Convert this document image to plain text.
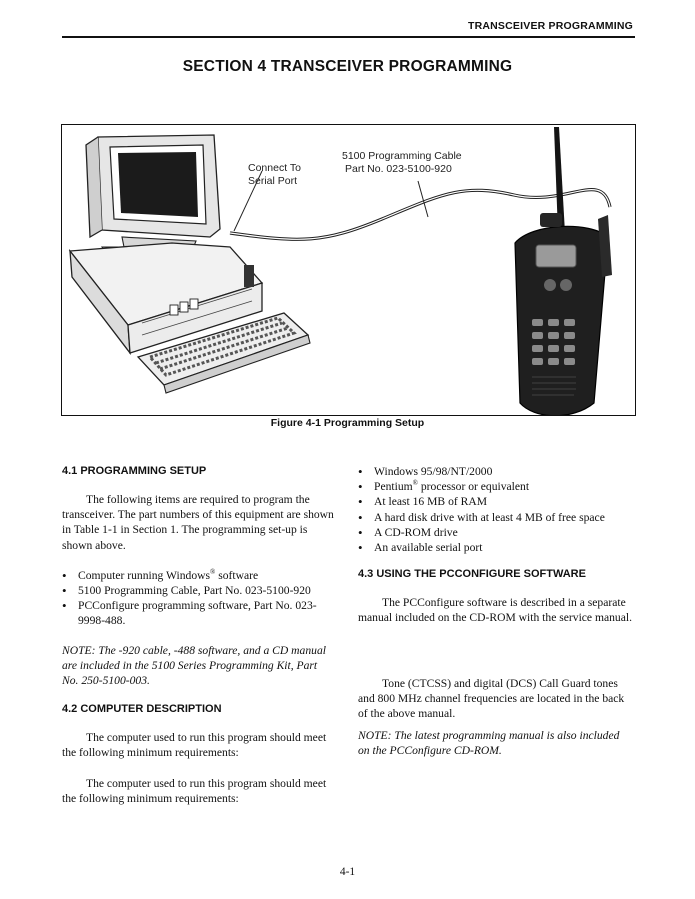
TRANSCEIVER PROGRAMMING
SECTION 4 TRANSCEIVER PROGRAMMING
Connect To
Serial Port
5100 Programming Cable
Part No. 023-5100-920
Figure 4-1 Programming Setup
4.1 PROGRAMMING SETUP

The following items are required to program the transceiver. The part numbers of this equipment are shown in Table 1-1 in Section 1. The programming set-up is shown above.

• Computer running Windows® software
• 5100 Programming Cable, Part No. 023-5100-920
• PCConfigure programming software, Part No. 023-9998-488.

NOTE: The -920 cable, -488 software, and a CD manual are included in the 5100 Series Programming Kit, Part No. 250-5100-003.

4.2 COMPUTER DESCRIPTION

The computer used to run this program should meet the following minimum requirements:

The computer used to run this program should meet the following minimum requirements:

• Windows 95/98/NT/2000
• Pentium® processor or equivalent
• At least 16 MB of RAM
• A hard disk drive with at least 4 MB of free space
• A CD-ROM drive
• An available serial port
4.3 USING THE PCCONFIGURE SOFTWARE

The PCConfigure software is described in a separate manual included on the CD-ROM with the service manual.

Tone (CTCSS) and digital (DCS) Call Guard tones and 800 MHz channel frequencies are located in the back of the above manual.

NOTE: The latest programming manual is also included on the PCConfigure CD-ROM.

4-1
